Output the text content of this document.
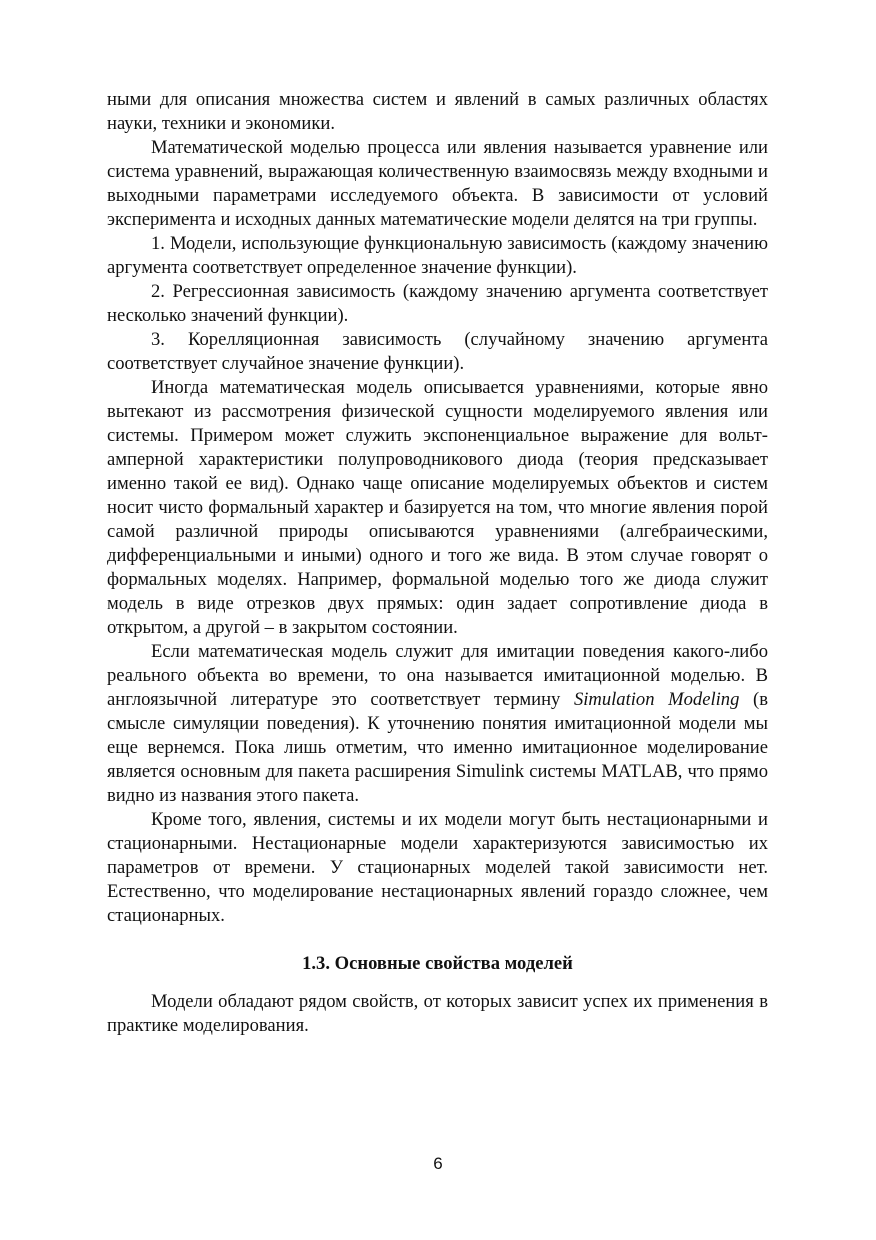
ными для описания множества систем и явлений в самых различных областях науки, техники и экономики.

Математической моделью процесса или явления называется уравнение или система уравнений, выражающая количественную взаимосвязь между входными и выходными параметрами исследуемого объекта. В зависимости от условий эксперимента и исходных данных математические модели делятся на три группы.

1. Модели, использующие функциональную зависимость (каждому значению аргумента соответствует определенное значение функции).

2. Регрессионная зависимость (каждому значению аргумента соответствует несколько значений функции).

3. Корелляционная зависимость (случайному значению аргумента соответствует случайное значение функции).

Иногда математическая модель описывается уравнениями, которые явно вытекают из рассмотрения физической сущности моделируемого явления или системы. Примером может служить экспоненциальное выражение для вольт-амперной характеристики полупроводникового диода (теория предсказывает именно такой ее вид). Однако чаще описание моделируемых объектов и систем носит чисто формальный характер и базируется на том, что многие явления порой самой различной природы описываются уравнениями (алгебраическими, дифференциальными и иными) одного и того же вида. В этом случае говорят о формальных моделях. Например, формальной моделью того же диода служит модель в виде отрезков двух прямых: один задает сопротивление диода в открытом, а другой – в закрытом состоянии.

Если математическая модель служит для имитации поведения какого-либо реального объекта во времени, то она называется имитационной моделью. В англоязычной литературе это соответствует термину Simulation Modeling (в смысле симуляции поведения). К уточнению понятия имитационной модели мы еще вернемся. Пока лишь отметим, что именно имитационное моделирование является основным для пакета расширения Simulink системы MATLAB, что прямо видно из названия этого пакета.

Кроме того, явления, системы и их модели могут быть нестационарными и стационарными. Нестационарные модели характеризуются зависимостью их параметров от времени. У стационарных моделей такой зависимости нет. Естественно, что моделирование нестационарных явлений гораздо сложнее, чем стационарных.

1.3. Основные свойства моделей

Модели обладают рядом свойств, от которых зависит успех их применения в практике моделирования.

6
